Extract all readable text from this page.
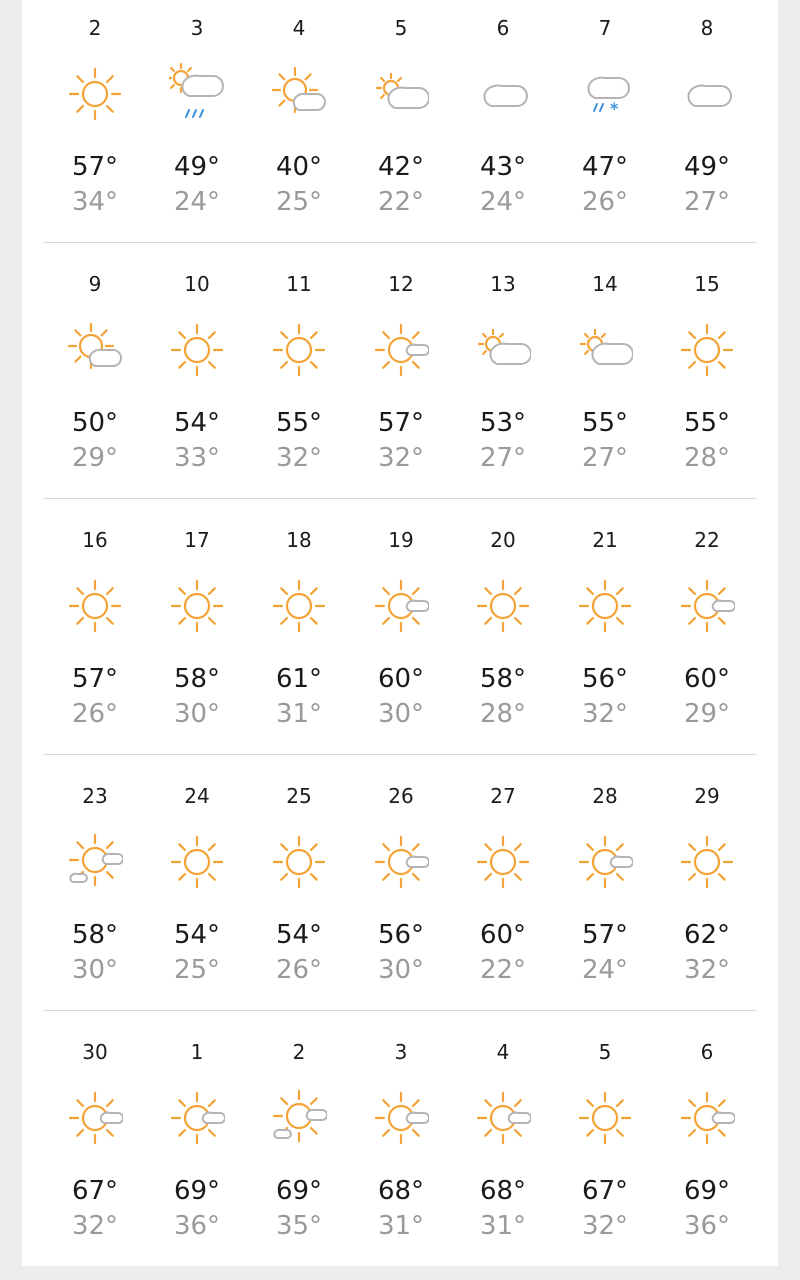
2
57°
34°
3
49°
24°
4
40°
25°
5
42°
22°
6
43°
24°
7
*
47°
26°
8
49°
27°
9
50°
29°
10
54°
33°
11
55°
32°
12
57°
32°
13
53°
27°
14
55°
27°
15
55°
28°
16
57°
26°
17
58°
30°
18
61°
31°
19
60°
30°
20
58°
28°
21
56°
32°
22
60°
29°
23
58°
30°
24
54°
25°
25
54°
26°
26
56°
30°
27
60°
22°
28
57°
24°
29
62°
32°
30
67°
32°
1
69°
36°
2
69°
35°
3
68°
31°
4
68°
31°
5
67°
32°
6
69°
36°
